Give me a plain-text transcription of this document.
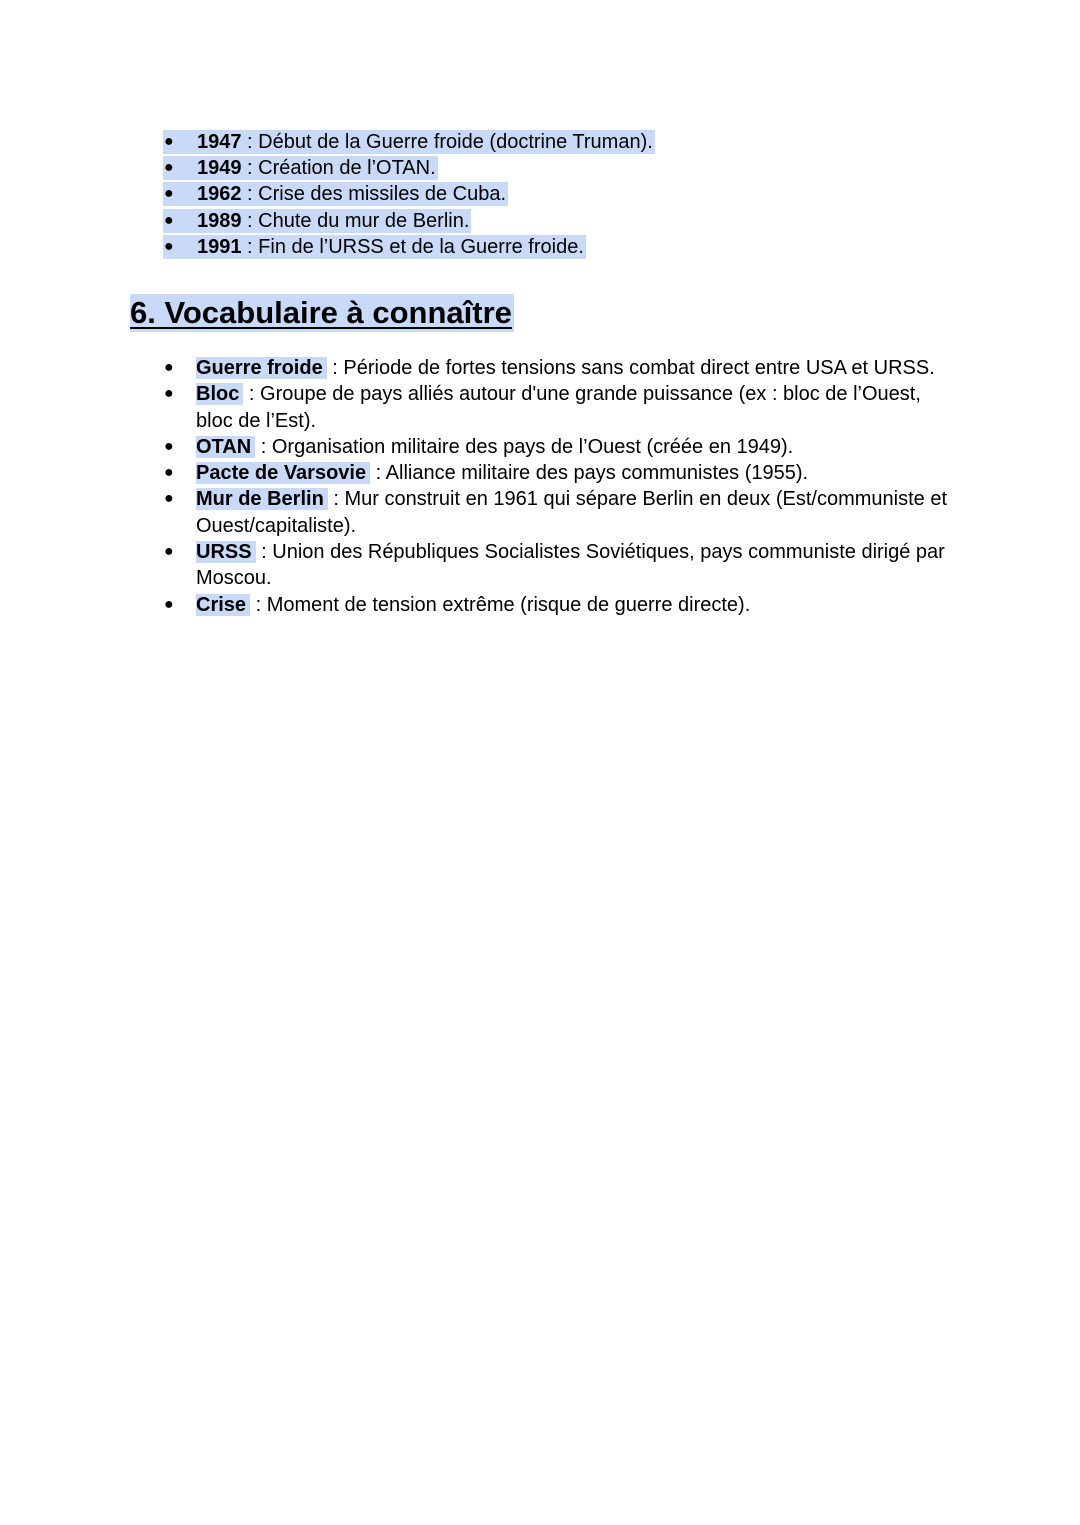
● 1947 : Début de la Guerre froide (doctrine Truman).
● 1949 : Création de l’OTAN.
● 1962 : Crise des missiles de Cuba.
● 1989 : Chute du mur de Berlin.
● 1991 : Fin de l’URSS et de la Guerre froide.
6. Vocabulaire à connaître
● Guerre froide : Période de fortes tensions sans combat direct entre USA et URSS.
● Bloc : Groupe de pays alliés autour d'une grande puissance (ex : bloc de l’Ouest, bloc de l’Est).
● OTAN : Organisation militaire des pays de l’Ouest (créée en 1949).
● Pacte de Varsovie : Alliance militaire des pays communistes (1955).
● Mur de Berlin : Mur construit en 1961 qui sépare Berlin en deux (Est/communiste et Ouest/capitaliste).
● URSS : Union des Républiques Socialistes Soviétiques, pays communiste dirigé par Moscou.
● Crise : Moment de tension extrême (risque de guerre directe).
